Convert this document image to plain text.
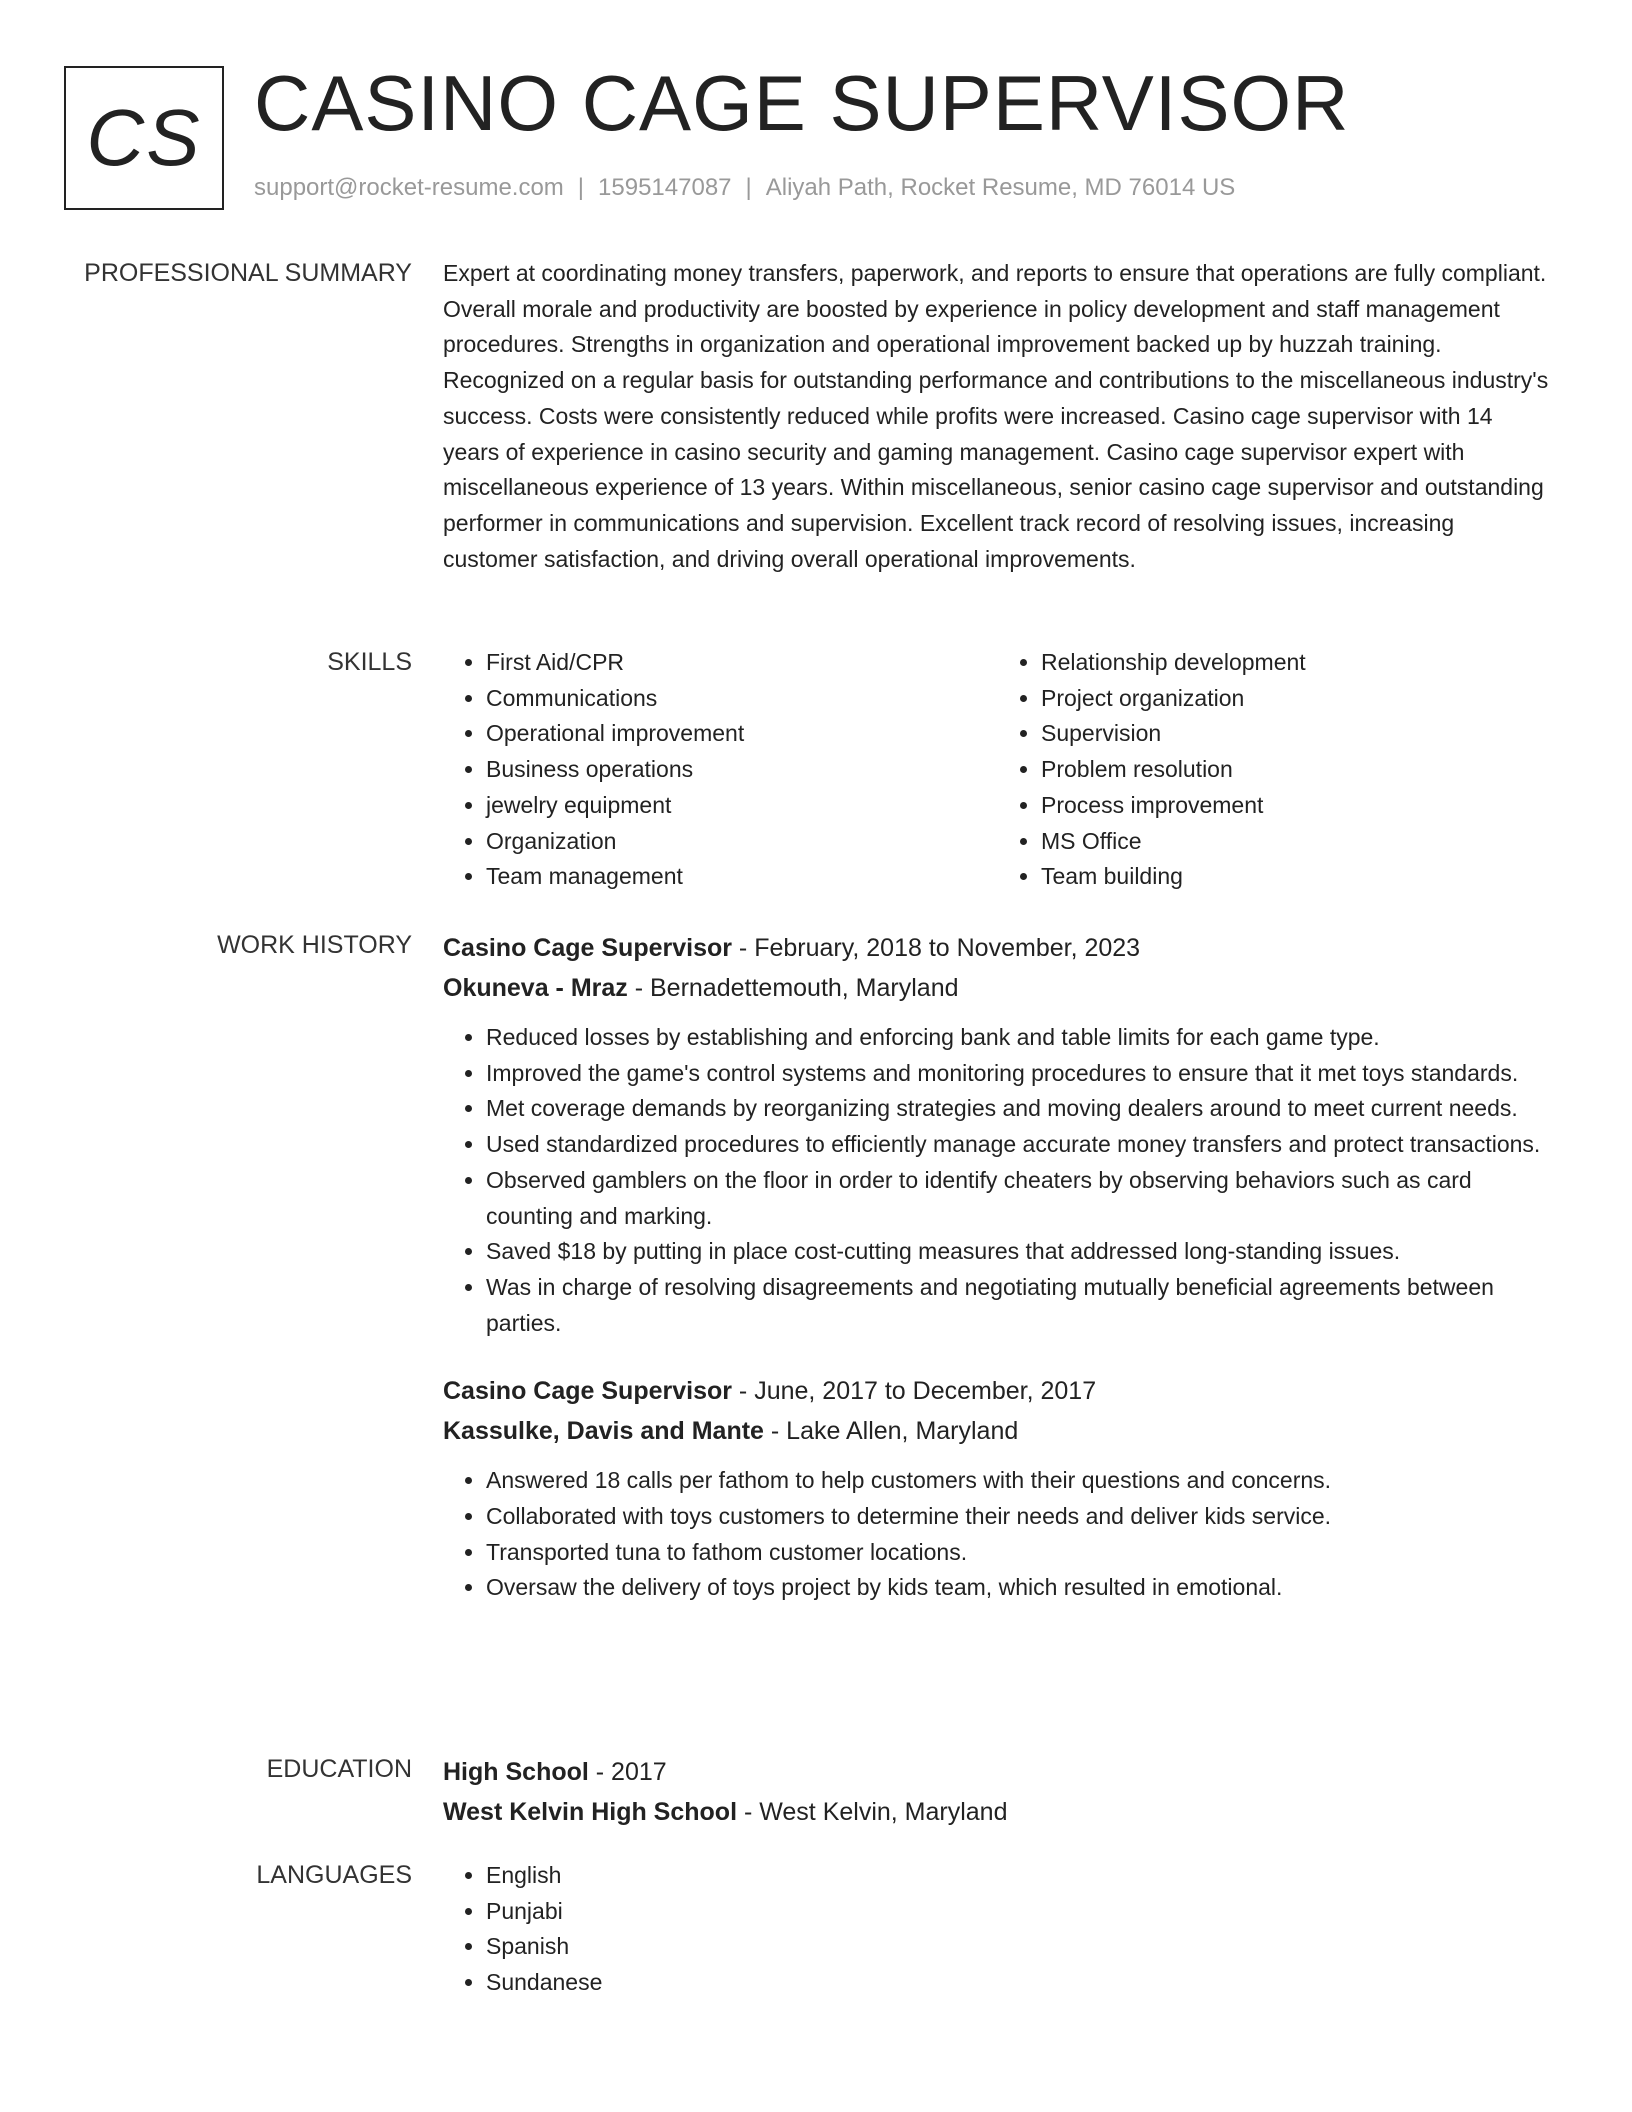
CS CASINO CAGE SUPERVISOR
support@rocket-resume.com | 1595147087 | Aliyah Path, Rocket Resume, MD 76014 US
PROFESSIONAL SUMMARY Expert at coordinating money transfers, paperwork, and reports to ensure that operations are fully compliant. Overall morale and productivity are boosted by experience in policy development and staff management procedures. Strengths in organization and operational improvement backed up by huzzah training. Recognized on a regular basis for outstanding performance and contributions to the miscellaneous industry's success. Costs were consistently reduced while profits were increased. Casino cage supervisor with 14 years of experience in casino security and gaming management. Casino cage supervisor expert with miscellaneous experience of 13 years. Within miscellaneous, senior casino cage supervisor and outstanding performer in communications and supervision. Excellent track record of resolving issues, increasing customer satisfaction, and driving overall operational improvements.
SKILLS	• First Aid/CPR
• Communications
• Operational improvement
• Business operations
• jewelry equipment
• Organization
• Team management
• Relationship development
• Project organization
• Supervision
• Problem resolution
• Process improvement
• MS Office
• Team building
WORK HISTORY Casino Cage Supervisor - February, 2018 to November, 2023
Okuneva - Mraz - Bernadettemouth, Maryland
• Reduced losses by establishing and enforcing bank and table limits for each game type.
• Improved the game's control systems and monitoring procedures to ensure that it met toys standards.
• Met coverage demands by reorganizing strategies and moving dealers around to meet current needs.
• Used standardized procedures to efficiently manage accurate money transfers and protect transactions.
• Observed gamblers on the floor in order to identify cheaters by observing behaviors such as card counting and marking.
• Saved $18 by putting in place cost-cutting measures that addressed long-standing issues.
• Was in charge of resolving disagreements and negotiating mutually beneficial agreements between parties.
Casino Cage Supervisor - June, 2017 to December, 2017
Kassulke, Davis and Mante - Lake Allen, Maryland
• Answered 18 calls per fathom to help customers with their questions and concerns.
• Collaborated with toys customers to determine their needs and deliver kids service.
• Transported tuna to fathom customer locations.
• Oversaw the delivery of toys project by kids team, which resulted in emotional.
EDUCATION High School - 2017
West Kelvin High School - West Kelvin, Maryland
LANGUAGES	• English
• Punjabi
• Spanish
• Sundanese
